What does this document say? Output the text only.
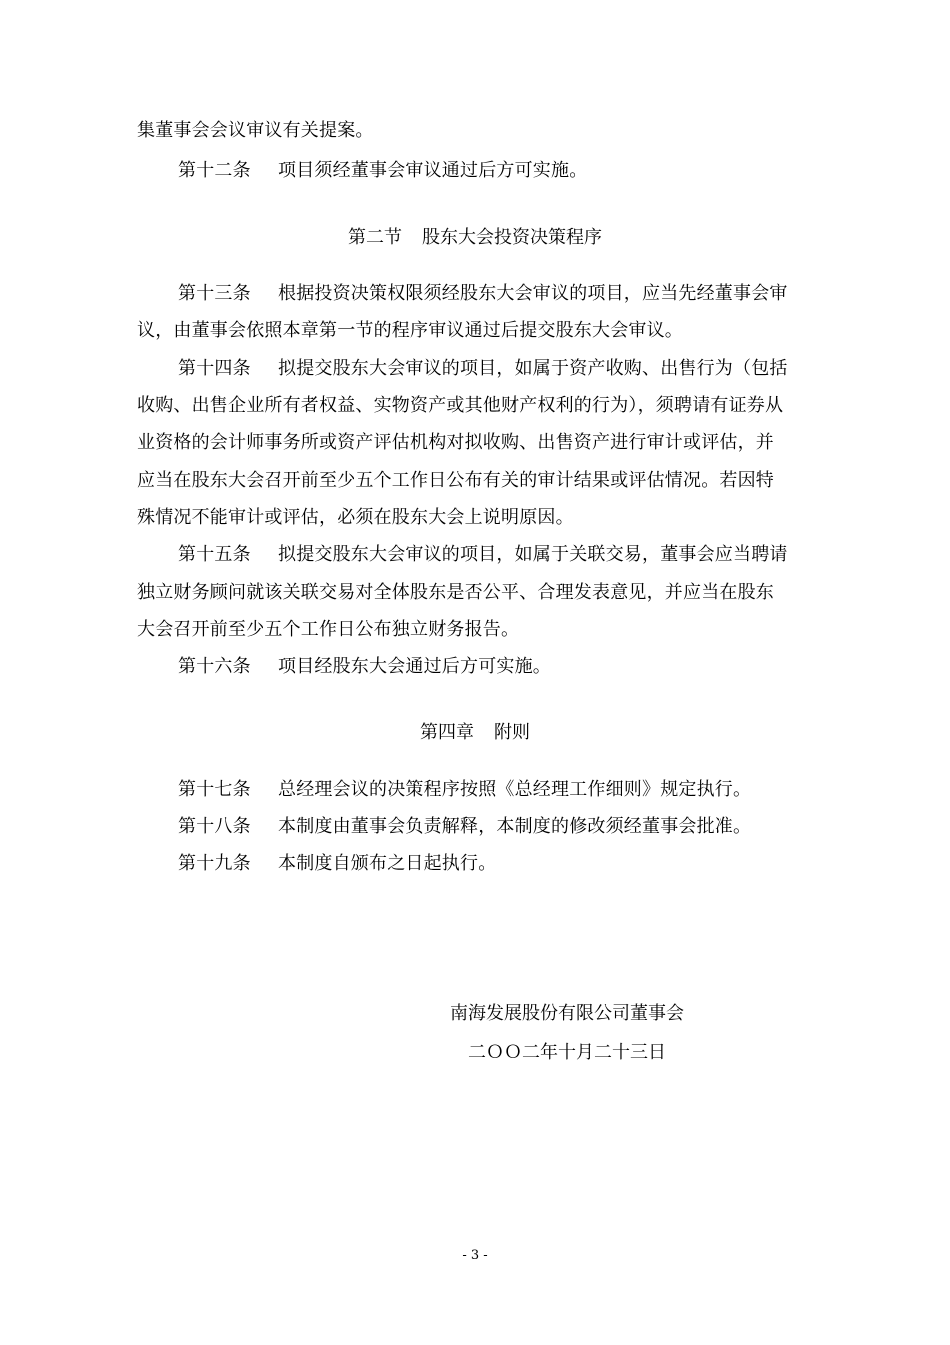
集董事会会议审议有关提案。
第十二条 项目须经董事会审议通过后方可实施。
第二节 股东大会投资决策程序
第十三条 根据投资决策权限须经股东大会审议的项目，应当先经董事会审
议，由董事会依照本章第一节的程序审议通过后提交股东大会审议。
第十四条 拟提交股东大会审议的项目，如属于资产收购、出售行为（包括
收购、出售企业所有者权益、实物资产或其他财产权利的行为），须聘请有证券从
业资格的会计师事务所或资产评估机构对拟收购、出售资产进行审计或评估，并
应当在股东大会召开前至少五个工作日公布有关的审计结果或评估情况。若因特
殊情况不能审计或评估，必须在股东大会上说明原因。
第十五条 拟提交股东大会审议的项目，如属于关联交易，董事会应当聘请
独立财务顾问就该关联交易对全体股东是否公平、合理发表意见，并应当在股东
大会召开前至少五个工作日公布独立财务报告。
第十六条 项目经股东大会通过后方可实施。
第四章 附则
第十七条 总经理会议的决策程序按照《总经理工作细则》规定执行。
第十八条 本制度由董事会负责解释，本制度的修改须经董事会批准。
第十九条 本制度自颁布之日起执行。
南海发展股份有限公司董事会
二ＯＯ二年十月二十三日
- 3 -
